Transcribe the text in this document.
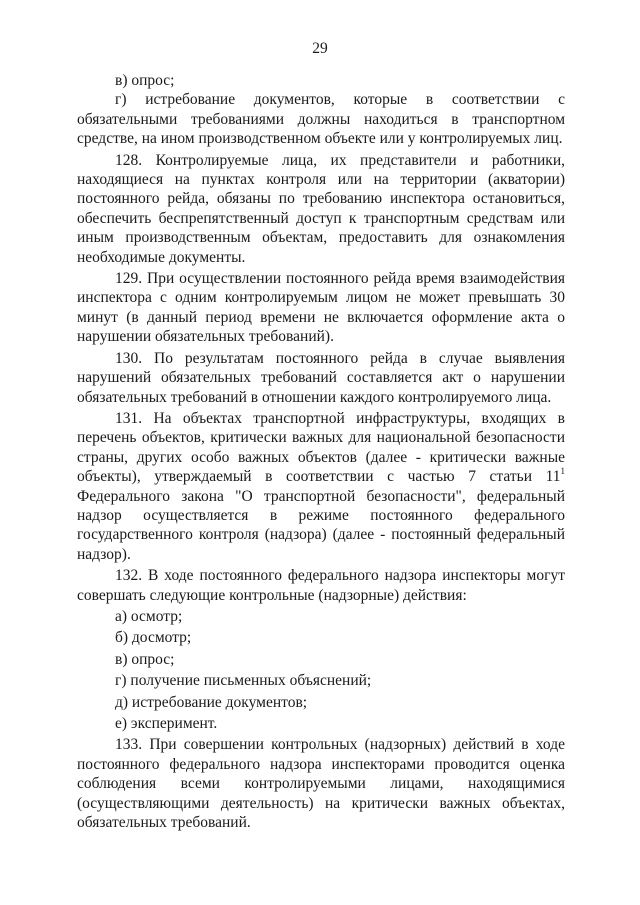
29

в) опрос;

г) истребование документов, которые в соответствии с обязательными требованиями должны находиться в транспортном средстве, на ином производственном объекте или у контролируемых лиц.

128. Контролируемые лица, их представители и работники, находящиеся на пунктах контроля или на территории (акватории) постоянного рейда, обязаны по требованию инспектора остановиться, обеспечить беспрепятственный доступ к транспортным средствам или иным производственным объектам, предоставить для ознакомления необходимые документы.

129. При осуществлении постоянного рейда время взаимодействия инспектора с одним контролируемым лицом не может превышать 30 минут (в данный период времени не включается оформление акта о нарушении обязательных требований).

130. По результатам постоянного рейда в случае выявления нарушений обязательных требований составляется акт о нарушении обязательных требований в отношении каждого контролируемого лица.

131. На объектах транспортной инфраструктуры, входящих в перечень объектов, критически важных для национальной безопасности страны, других особо важных объектов (далее - критически важные объекты), утверждаемый в соответствии с частью 7 статьи $11^1$ Федерального закона "О транспортной безопасности", федеральный надзор осуществляется в режиме постоянного федерального государственного контроля (надзора) (далее - постоянный федеральный надзор).

132. В ходе постоянного федерального надзора инспекторы могут совершать следующие контрольные (надзорные) действия:

а) осмотр;

б) досмотр;

в) опрос;

г) получение письменных объяснений;

д) истребование документов;

е) эксперимент.

133. При совершении контрольных (надзорных) действий в ходе постоянного федерального надзора инспекторами проводится оценка соблюдения всеми контролируемыми лицами, находящимися (осуществляющими деятельность) на критически важных объектах, обязательных требований.
